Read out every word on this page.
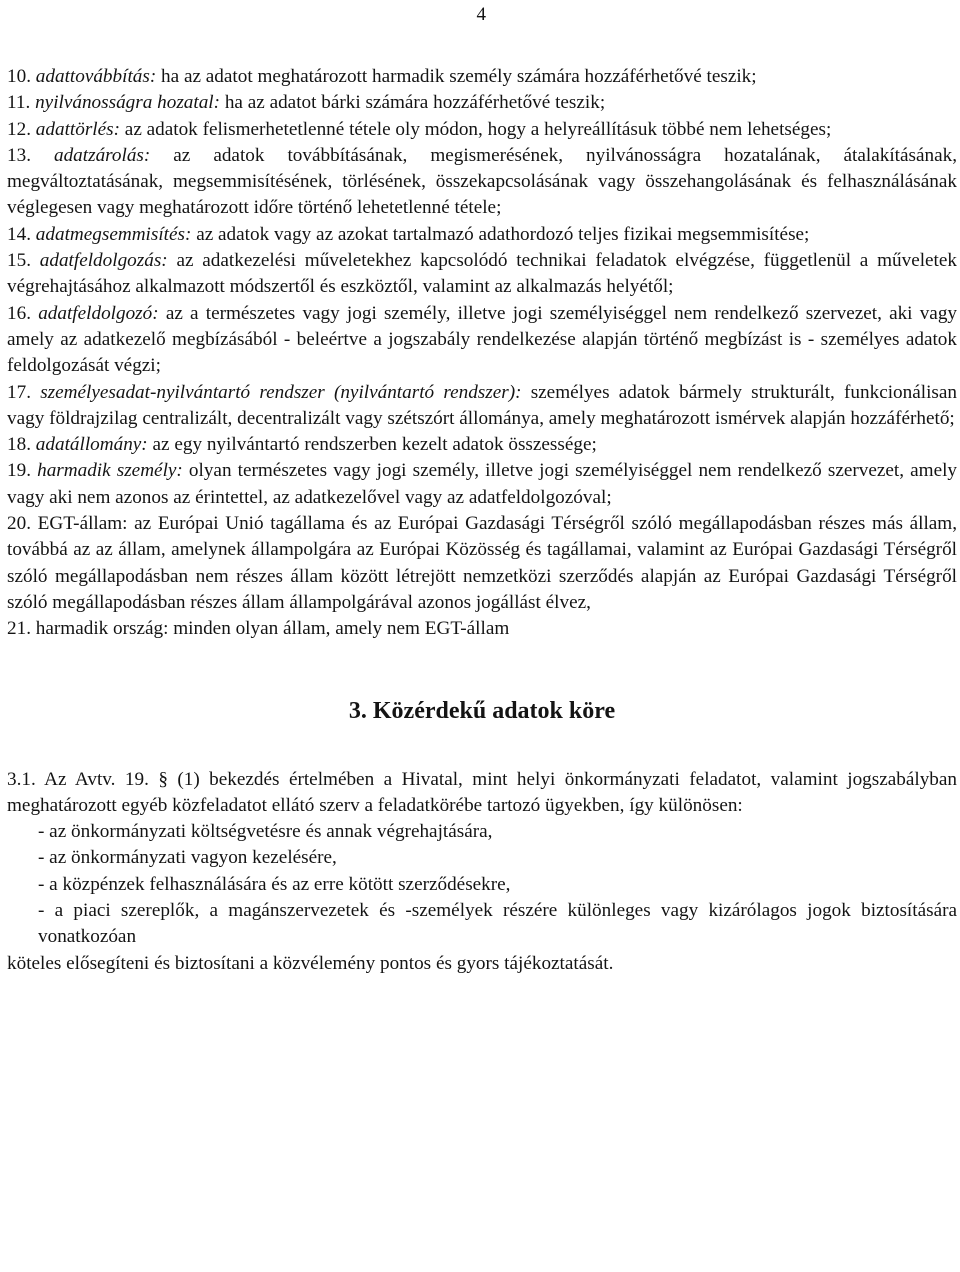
4

10. adattovábbítás: ha az adatot meghatározott harmadik személy számára hozzáférhetővé teszik;

11. nyilvánosságra hozatal: ha az adatot bárki számára hozzáférhetővé teszik;

12. adattörlés: az adatok felismerhetetlenné tétele oly módon, hogy a helyreállításuk többé nem lehetséges;

13. adatzárolás: az adatok továbbításának, megismerésének, nyilvánosságra hozatalának, átalakításának, megváltoztatásának, megsemmisítésének, törlésének, összekapcsolásának vagy összehangolásának és felhasználásának véglegesen vagy meghatározott időre történő lehetetlenné tétele;

14. adatmegsemmisítés: az adatok vagy az azokat tartalmazó adathordozó teljes fizikai megsemmisítése;

15. adatfeldolgozás: az adatkezelési műveletekhez kapcsolódó technikai feladatok elvégzése, függetlenül a műveletek végrehajtásához alkalmazott módszertől és eszköztől, valamint az alkalmazás helyétől;

16. adatfeldolgozó: az a természetes vagy jogi személy, illetve jogi személyiséggel nem rendelkező szervezet, aki vagy amely az adatkezelő megbízásából - beleértve a jogszabály rendelkezése alapján történő megbízást is - személyes adatok feldolgozását végzi;

17. személyesadat-nyilvántartó rendszer (nyilvántartó rendszer): személyes adatok bármely strukturált, funkcionálisan vagy földrajzilag centralizált, decentralizált vagy szétszórt állománya, amely meghatározott ismérvek alapján hozzáférhető;

18. adatállomány: az egy nyilvántartó rendszerben kezelt adatok összessége;

19. harmadik személy: olyan természetes vagy jogi személy, illetve jogi személyiséggel nem rendelkező szervezet, amely vagy aki nem azonos az érintettel, az adatkezelővel vagy az adatfeldolgozóval;

20. EGT-állam: az Európai Unió tagállama és az Európai Gazdasági Térségről szóló megállapodásban részes más állam, továbbá az az állam, amelynek állampolgára az Európai Közösség és tagállamai, valamint az Európai Gazdasági Térségről szóló megállapodásban nem részes állam között létrejött nemzetközi szerződés alapján az Európai Gazdasági Térségről szóló megállapodásban részes állam állampolgárával azonos jogállást élvez,

21. harmadik ország: minden olyan állam, amely nem EGT-állam

3. Közérdekű adatok köre

3.1. Az Avtv. 19. § (1) bekezdés értelmében a Hivatal, mint helyi önkormányzati feladatot, valamint jogszabályban meghatározott egyéb közfeladatot ellátó szerv a feladatkörébe tartozó ügyekben, így különösen:

- az önkormányzati költségvetésre és annak végrehajtására,

- az önkormányzati vagyon kezelésére,

- a közpénzek felhasználására és az erre kötött szerződésekre,

- a piaci szereplők, a magánszervezetek és -személyek részére különleges vagy kizárólagos jogok biztosítására vonatkozóan

köteles elősegíteni és biztosítani a közvélemény pontos és gyors tájékoztatását.
